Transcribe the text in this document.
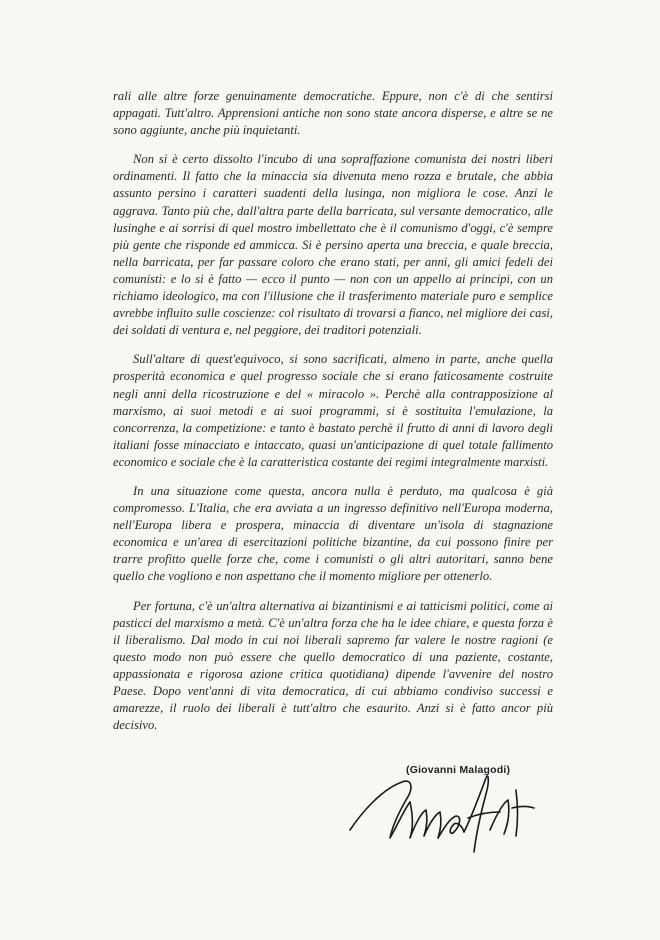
rali alle altre forze genuinamente democratiche. Eppure, non c'è di che sentirsi appagati. Tutt'altro. Apprensioni antiche non sono state ancora disperse, e altre se ne sono aggiunte, anche più inquietanti.

Non si è certo dissolto l'incubo di una sopraffazione comunista dei nostri liberi ordinamenti. Il fatto che la minaccia sia divenuta meno rozza e brutale, che abbia assunto persino i caratteri suadenti della lusinga, non migliora le cose. Anzi le aggrava. Tanto più che, dall'altra parte della barricata, sul versante democratico, alle lusinghe e ai sorrisi di quel mostro imbellettato che è il comunismo d'oggi, c'è sempre più gente che risponde ed ammicca. Si è persino aperta una breccia, e quale breccia, nella barricata, per far passare coloro che erano stati, per anni, gli amici fedeli dei comunisti: e lo si è fatto — ecco il punto — non con un appello ai principi, con un richiamo ideologico, ma con l'illusione che il trasferimento materiale puro e semplice avrebbe influito sulle coscienze: col risultato di trovarsi a fianco, nel migliore dei casi, dei soldati di ventura e, nel peggiore, dei traditori potenziali.

Sull'altare di quest'equivoco, si sono sacrificati, almeno in parte, anche quella prosperità economica e quel progresso sociale che si erano faticosamente costruite negli anni della ricostruzione e del « miracolo ». Perchè alla contrapposizione al marxismo, ai suoi metodi e ai suoi programmi, si è sostituita l'emulazione, la concorrenza, la competizione: e tanto è bastato perchè il frutto di anni di lavoro degli italiani fosse minacciato e intaccato, quasi un'anticipazione di quel totale fallimento economico e sociale che è la caratteristica costante dei regimi integralmente marxisti.

In una situazione come questa, ancora nulla è perduto, ma qualcosa è già compromesso. L'Italia, che era avviata a un ingresso definitivo nell'Europa moderna, nell'Europa libera e prospera, minaccia di diventare un'isola di stagnazione economica e un'area di esercitazioni politiche bizantine, da cui possono finire per trarre profitto quelle forze che, come i comunisti o gli altri autoritari, sanno bene quello che vogliono e non aspettano che il momento migliore per ottenerlo.

Per fortuna, c'è un'altra alternativa ai bizantinismi e ai tatticismi politici, come ai pasticci del marxismo a metà. C'è un'altra forza che ha le idee chiare, e questa forza è il liberalismo. Dal modo in cui noi liberali sapremo far valere le nostre ragioni (e questo modo non può essere che quello democratico di una paziente, costante, appassionata e rigorosa azione critica quotidiana) dipende l'avvenire del nostro Paese. Dopo vent'anni di vita democratica, di cui abbiamo condiviso successi e amarezze, il ruolo dei liberali è tutt'altro che esaurito. Anzi si è fatto ancor più decisivo.

(Giovanni Malagodi)
